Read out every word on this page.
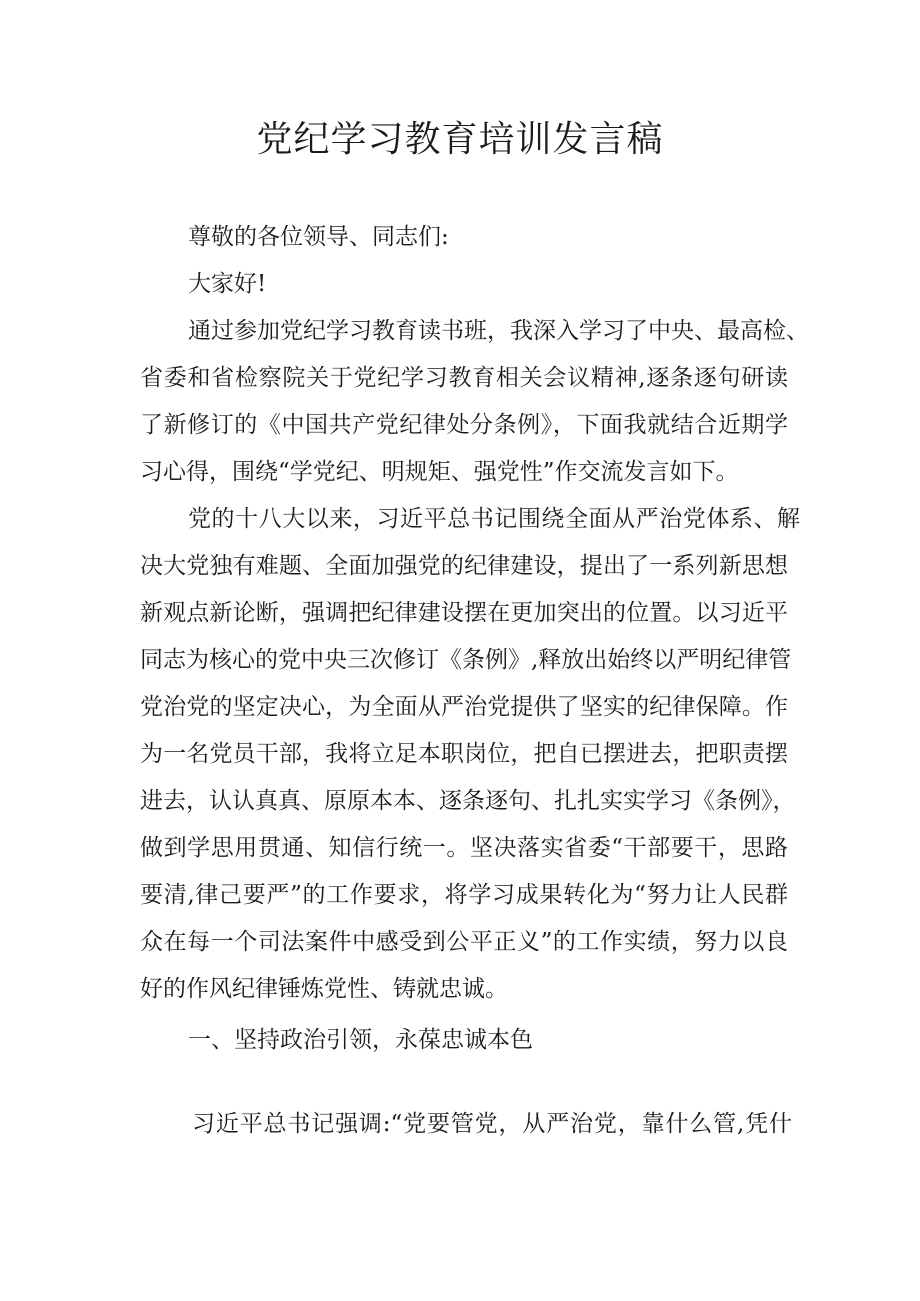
党纪学习教育培训发言稿

尊敬的各位领导、同志们:

大家好!

通过参加党纪学习教育读书班，我深入学习了中央、最高检、

省委和省检察院关于党纪学习教育相关会议精神,逐条逐句研读

了新修订的《中国共产党纪律处分条例》，下面我就结合近期学

习心得，围绕“学党纪、明规矩、强党性”作交流发言如下。

党的十八大以来，习近平总书记围绕全面从严治党体系、解

决大党独有难题、全面加强党的纪律建设，提出了一系列新思想

新观点新论断，强调把纪律建设摆在更加突出的位置。以习近平

同志为核心的党中央三次修订《条例》,释放出始终以严明纪律管

党治党的坚定决心，为全面从严治党提供了坚实的纪律保障。作

为一名党员干部，我将立足本职岗位，把自已摆进去，把职责摆

进去，认认真真、原原本本、逐条逐句、扎扎实实学习《条例》，

做到学思用贯通、知信行统一。坚决落实省委“干部要干，思路

要清,律己要严”的工作要求，将学习成果转化为“努力让人民群

众在每一个司法案件中感受到公平正义”的工作实绩，努力以良

好的作风纪律锤炼党性、铸就忠诚。

一、坚持政治引领，永葆忠诚本色

习近平总书记强调:“党要管党，从严治党，靠什么管,凭什
